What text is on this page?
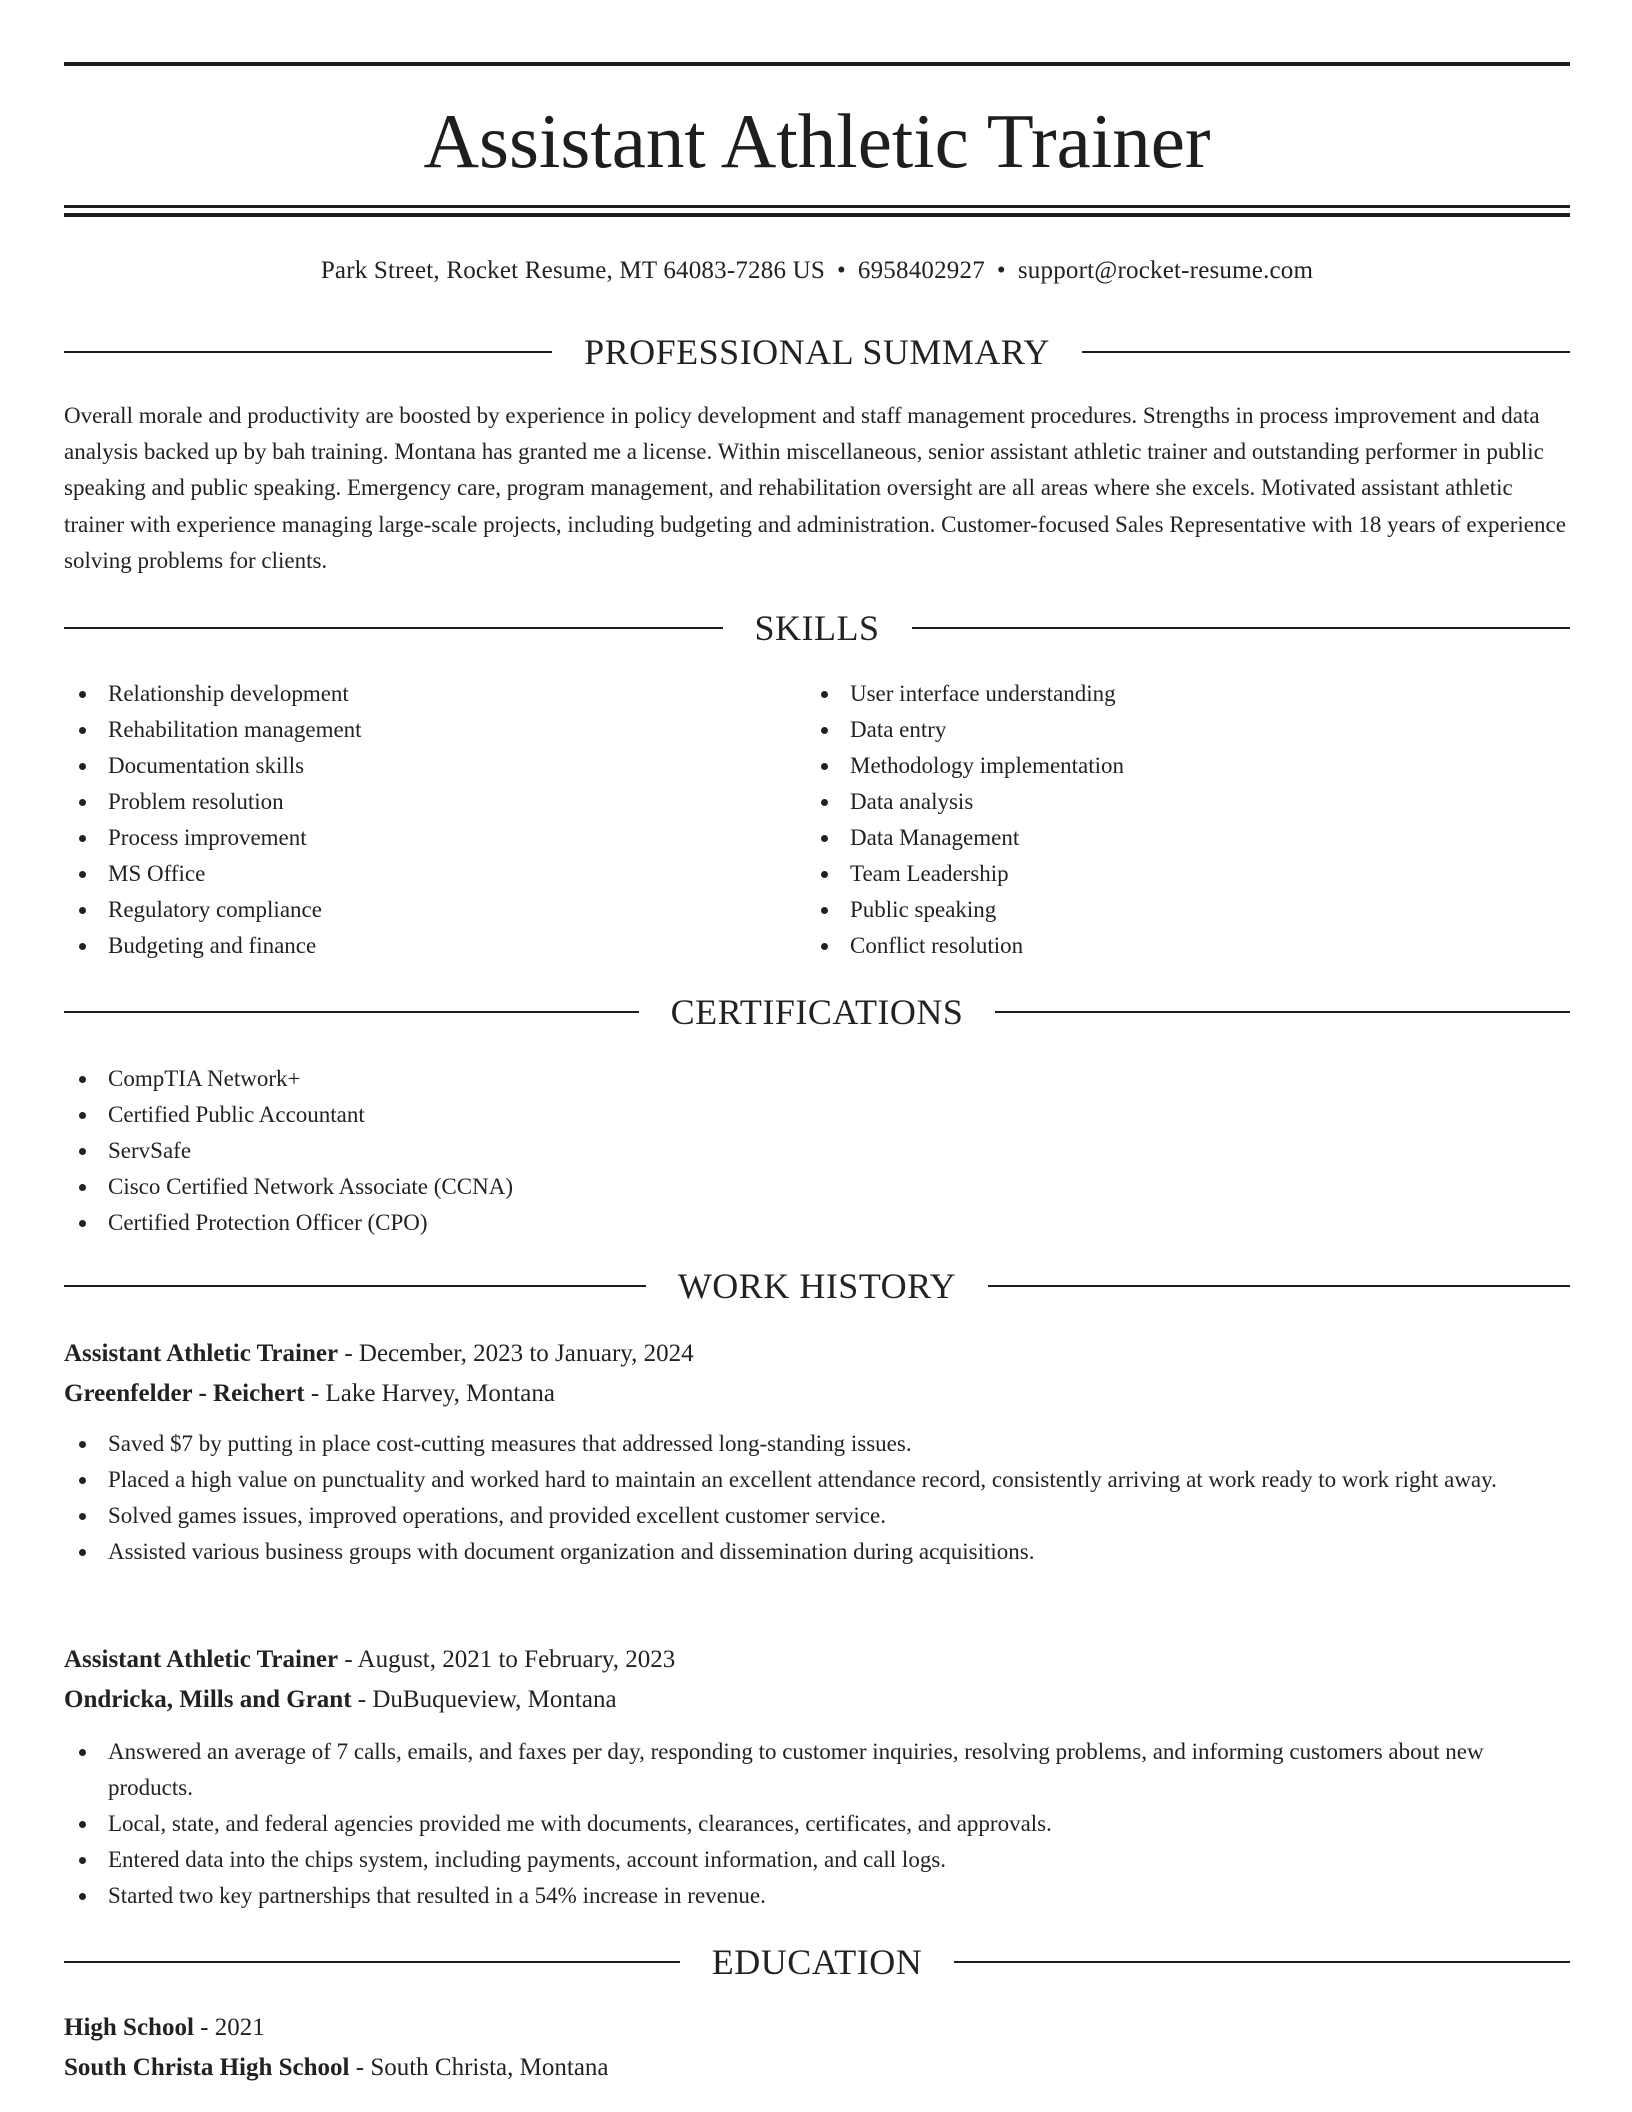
Assistant Athletic Trainer
Park Street, Rocket Resume, MT 64083-7286 US • 6958402927 • support@rocket-resume.com
PROFESSIONAL SUMMARY

Overall morale and productivity are boosted by experience in policy development and staff management procedures. Strengths in process improvement and data analysis backed up by bah training. Montana has granted me a license. Within miscellaneous, senior assistant athletic trainer and outstanding performer in public speaking and public speaking. Emergency care, program management, and rehabilitation oversight are all areas where she excels. Motivated assistant athletic trainer with experience managing large-scale projects, including budgeting and administration. Customer-focused Sales Representative with 18 years of experience solving problems for clients.

SKILLS
Relationship development
Rehabilitation management
Documentation skills
Problem resolution
Process improvement
MS Office
Regulatory compliance
Budgeting and finance
User interface understanding
Data entry
Methodology implementation
Data analysis
Data Management
Team Leadership
Public speaking
Conflict resolution
CERTIFICATIONS
CompTIA Network+
Certified Public Accountant
ServSafe
Cisco Certified Network Associate (CCNA)
Certified Protection Officer (CPO)
WORK HISTORY
Assistant Athletic Trainer - December, 2023 to January, 2024
Greenfelder - Reichert - Lake Harvey, Montana
Saved $7 by putting in place cost-cutting measures that addressed long-standing issues.
Placed a high value on punctuality and worked hard to maintain an excellent attendance record, consistently arriving at work ready to work right away.
Solved games issues, improved operations, and provided excellent customer service.
Assisted various business groups with document organization and dissemination during acquisitions.
Assistant Athletic Trainer - August, 2021 to February, 2023
Ondricka, Mills and Grant - DuBuqueview, Montana
Answered an average of 7 calls, emails, and faxes per day, responding to customer inquiries, resolving problems, and informing customers about new products.
Local, state, and federal agencies provided me with documents, clearances, certificates, and approvals.
Entered data into the chips system, including payments, account information, and call logs.
Started two key partnerships that resulted in a 54% increase in revenue.
EDUCATION
High School - 2021
South Christa High School - South Christa, Montana
